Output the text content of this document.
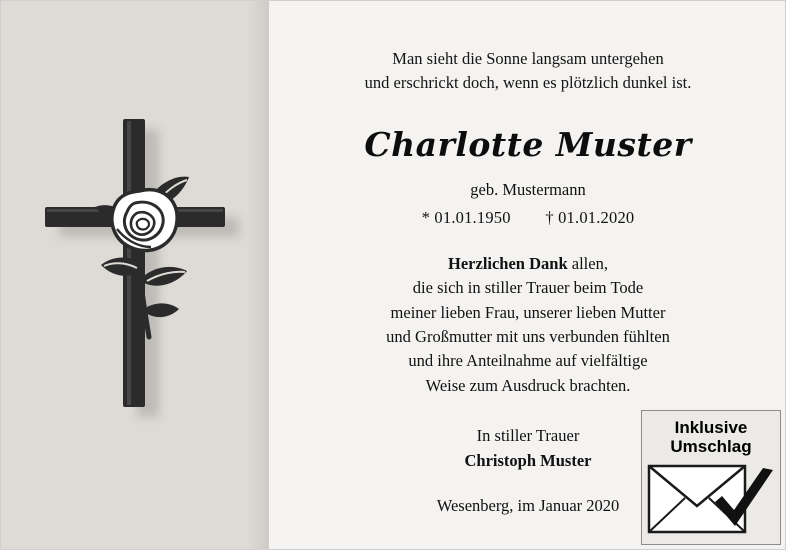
Man sieht die Sonne langsam untergehen
und erschrickt doch, wenn es plötzlich dunkel ist.
Charlotte Muster
geb. Mustermann
* 01.01.1950 † 01.01.2020
Herzlichen Dank allen,
die sich in stiller Trauer beim Tode
meiner lieben Frau, unserer lieben Mutter
und Großmutter mit uns verbunden fühlten
und ihre Anteilnahme auf vielfältige
Weise zum Ausdruck brachten.
In stiller Trauer
Christoph Muster
Wesenberg, im Januar 2020
Inklusive
Umschlag
